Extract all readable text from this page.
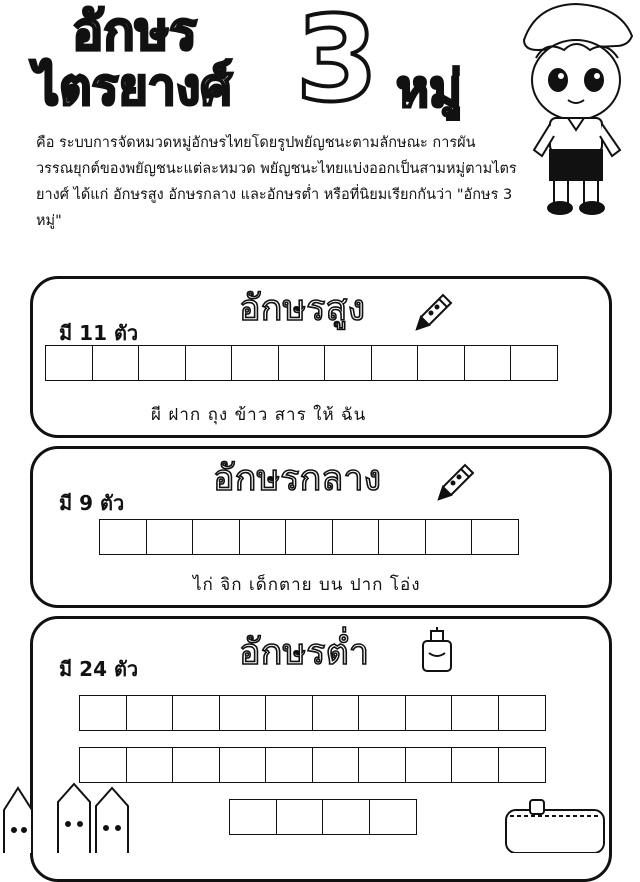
อักษร
ไตรยางศ์ 3 หมู่
คือ ระบบการจัดหมวดหมู่อักษรไทยโดยรูปพยัญชนะตามลักษณะ การผันวรรณยุกต์ของพยัญชนะแต่ละหมวด พยัญชนะไทยแบ่งออกเป็นสามหมู่ตามไตรยางศ์ ได้แก่ อักษรสูง อักษรกลาง และอักษรต่ำ หรือที่นิยมเรียกกันว่า "อักษร 3 หมู่"
อักษรสูง
มี 11 ตัว
ผี ฝาก ถุง ข้าว สาร ให้ ฉัน
อักษรกลาง
มี 9 ตัว
ไก่ จิก เด็กตาย บน ปาก โอ่ง
อักษรต่ำ
มี 24 ตัว
